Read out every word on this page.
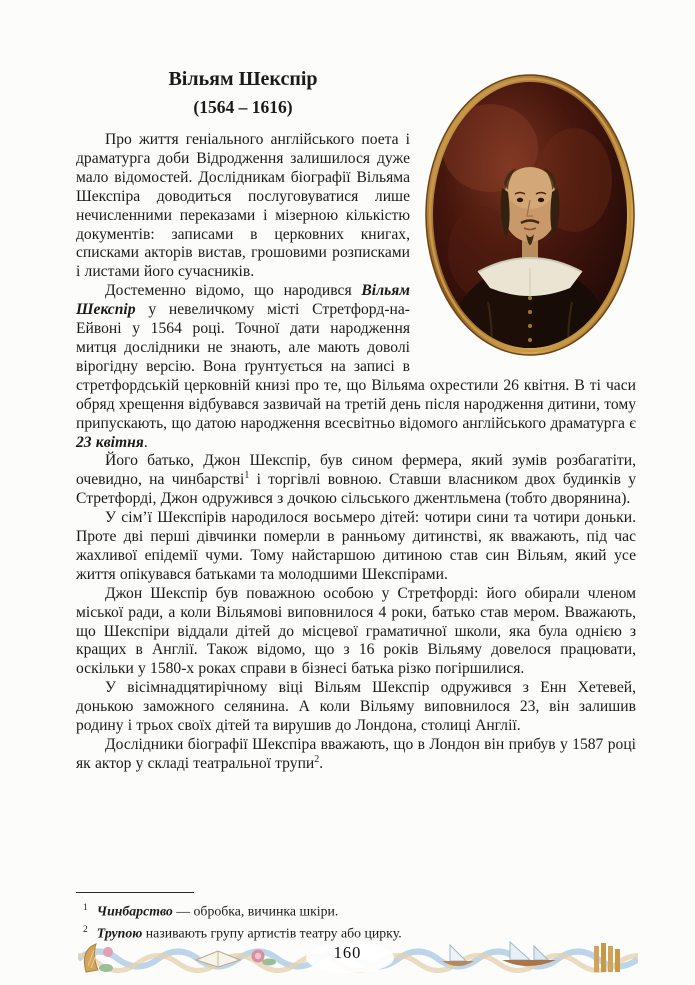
Вільям Шекспір
(1564 – 1616)

Про життя геніального англійського поета і драматурга доби Відродження залишилося дуже мало відомостей. Дослідникам біографії Вільяма Шекспіра доводиться послуговуватися лише нечисленними переказами і мізерною кількістю документів: записами в церковних книгах, списками акторів вистав, грошовими розписками і листами його сучасників.

Достеменно відомо, що народився Вільям Шекспір у невеличкому місті Стретфорд-на-Ейвоні у 1564 році. Точної дати народження митця дослідники не знають, але мають доволі вірогідну версію. Вона ґрунтується на записі в стретфордській церковній книзі про те, що Вільяма охрестили 26 квітня. В ті часи обряд хрещення відбувався зазвичай на третій день після народження дитини, тому припускають, що датою народження всесвітньо відомого англійського драматурга є 23 квітня.

Його батько, Джон Шекспір, був сином фермера, який зумів розбагатіти, очевидно, на чинбарстві$^1$ і торгівлі вовною. Ставши власником двох будинків у Стретфорді, Джон одружився з дочкою сільського джентльмена (тобто дворянина).

У сім’ї Шекспірів народилося восьмеро дітей: чотири сини та чотири доньки. Проте дві перші дівчинки померли в ранньому дитинстві, як вважають, під час жахливої епідемії чуми. Тому найстаршою дитиною став син Вільям, який усе життя опікувався батьками та молодшими Шекспірами.

Джон Шекспір був поважною особою у Стретфорді: його обирали членом міської ради, а коли Вільямові виповнилося 4 роки, батько став мером. Вважають, що Шекспіри віддали дітей до місцевої граматичної школи, яка була однією з кращих в Англії. Також відомо, що з 16 років Вільяму довелося працювати, оскільки у 1580-х роках справи в бізнесі батька різко погіршилися.

У вісімнадцятирічному віці Вільям Шекспір одружився з Енн Хетевей, донькою заможного селянина. А коли Вільяму виповнилося 23, він залишив родину і трьох своїх дітей та вирушив до Лондона, столиці Англії.

Дослідники біографії Шекспіра вважають, що в Лондон він прибув у 1587 році як актор у складі театральної трупи$^2$.

$^1$ Чинбарство — обробка, вичинка шкіри.

$^2$ Трупою називають групу артистів театру або цирку.

160
